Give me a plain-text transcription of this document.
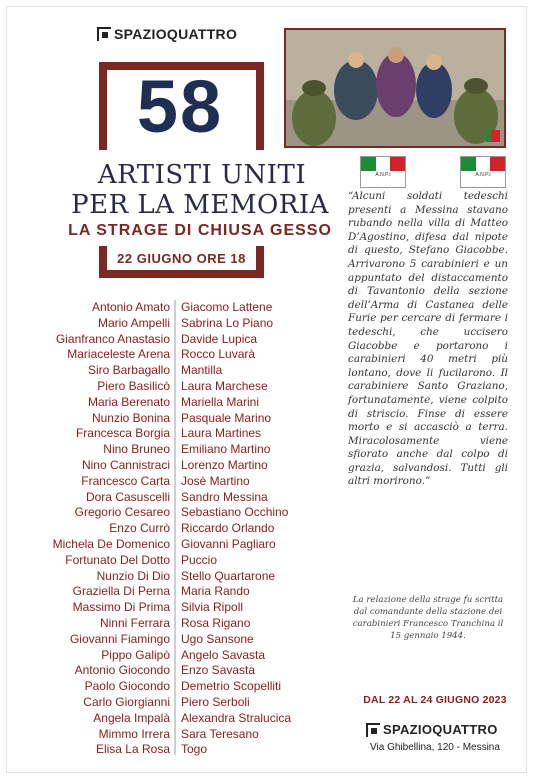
SPAZIOQUATTRO
58
ARTISTI UNITI
PER LA MEMORIA
LA STRAGE DI CHIUSA GESSO
22 GIUGNO ORE 18
Antonio Amato
Mario Ampelli
Gianfranco Anastasio
Mariaceleste Arena
Siro Barbagallo
Piero Basilicò
Maria Berenato
Nunzio Bonina
Francesca Borgia
Nino Bruneo
Nino Cannistraci
Francesco Carta
Dora Casuscelli
Gregorio Cesareo
Enzo Currò
Michela De Domenico
Fortunato Del Dotto
Nunzio Di Dio
Graziella Di Perna
Massimo Di Prima
Ninni Ferrara
Giovanni Fiamingo
Pippo Galipò
Antonio Giocondo
Paolo Giocondo
Carlo Giorgianni
Angela Impalà
Mimmo Irrera
Elisa La Rosa
Giacomo Lattene
Sabrina Lo Piano
Davide Lupica
Rocco Luvarà
Mantilla
Laura Marchese
Mariella Marini
Pasquale Marino
Laura Martines
Emiliano Martino
Lorenzo Martino
Josè Martino
Sandro Messina
Sebastiano Occhino
Riccardo Orlando
Giovanni Pagliaro
Puccio
Stello Quartarone
Maria Rando
Silvia Ripoll
Rosa Rigano
Ugo Sansone
Angelo Savasta
Enzo Savasta
Demetrio Scopelliti
Piero Serboli
Alexandra Stralucica
Sara Teresano
Togo
A.N.P.I	A.N.P.I

“Alcuni soldati tedeschi presenti a Messina stavano rubando nella villa di Matteo D’Agostino, difesa dal nipote di questo, Stefano Giacobbe. Arrivarono 5 carabinieri e un appuntato del distaccamento di Tavantonio della sezione dell’Arma di Castanea delle Furie per cercare di fermare i tedeschi, che uccisero Giacobbe e portarono i carabinieri 40 metri più lontano, dove li fucilarono. Il carabiniere Santo Graziano, fortunatamente, viene colpito di striscio. Finse di essere morto e si accasciò a terra. Miracolosamente viene sfiorato anche dal colpo di grazia, salvandosi. Tutti gli altri morirono.”

La relazione della strage fu scritta dal comandante della stazione dei carabinieri Francesco Tranchina il 15 gennaio 1944.

DAL 22 AL 24 GIUGNO 2023
SPAZIOQUATTRO
Via Ghibellina, 120 - Messina
